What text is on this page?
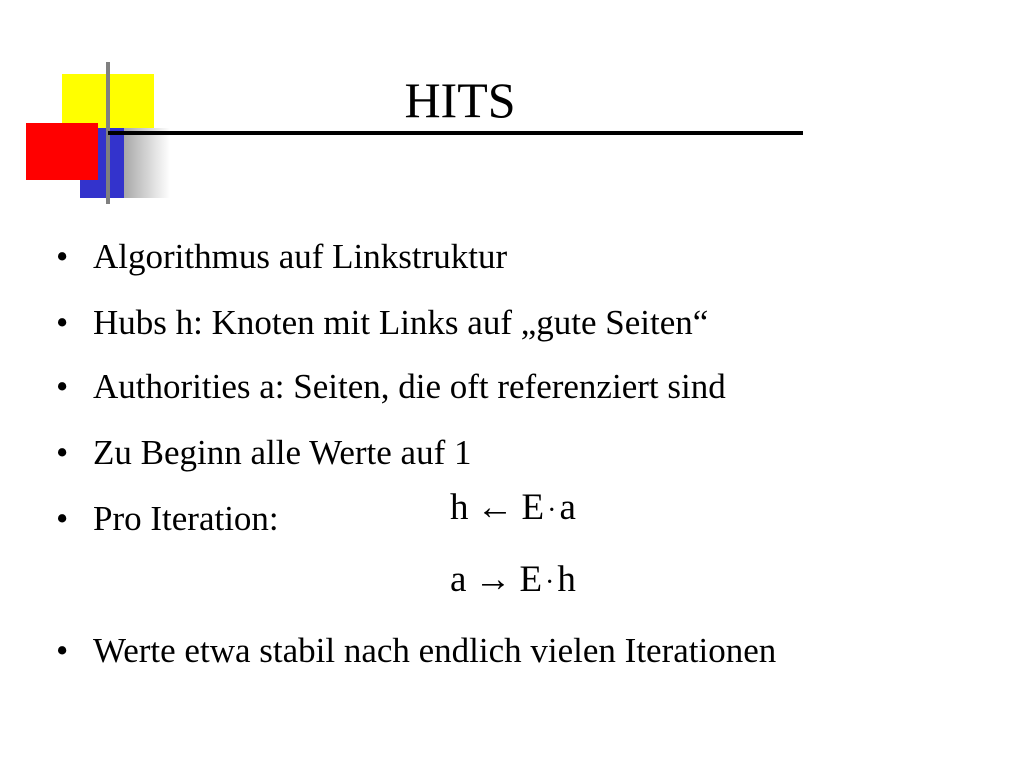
HITS
• Algorithmus auf Linkstruktur
• Hubs h: Knoten mit Links auf „gute Seiten“
• Authorities a: Seiten, die oft referenziert sind
• Zu Beginn alle Werte auf 1
• Pro Iteration:	h ← E ·a
a → E ·h
• Werte etwa stabil nach endlich vielen Iterationen
